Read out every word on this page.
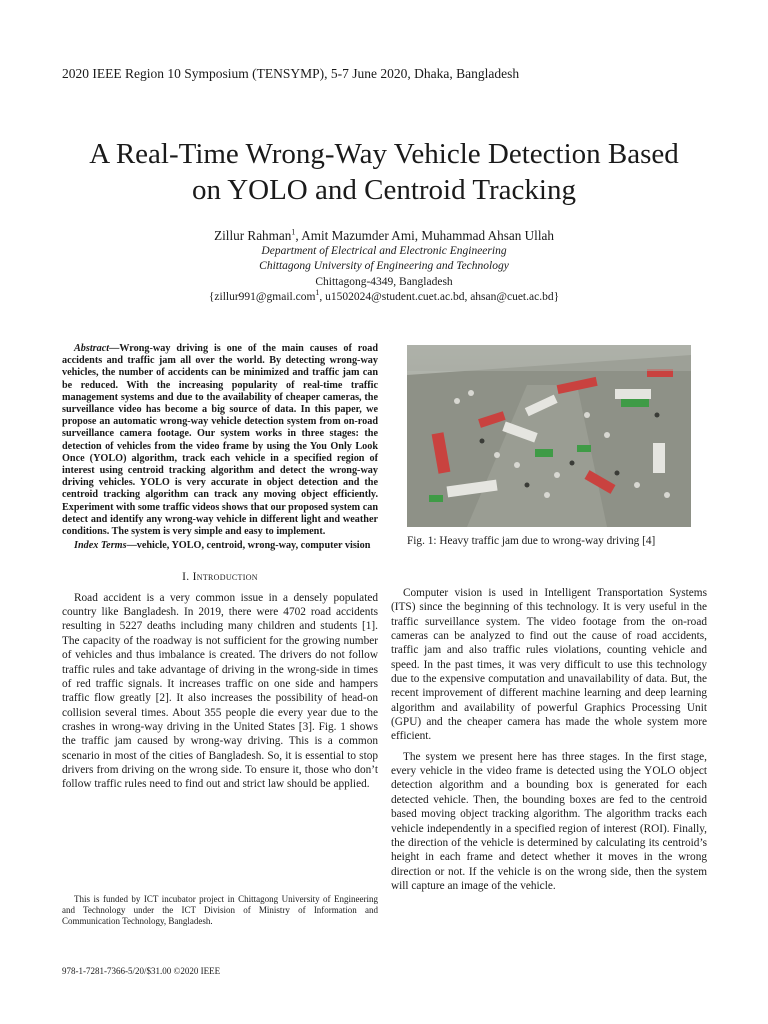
2020 IEEE Region 10 Symposium (TENSYMP), 5-7 June 2020, Dhaka, Bangladesh
A Real-Time Wrong-Way Vehicle Detection Based
on YOLO and Centroid Tracking
Zillur Rahman$^1$, Amit Mazumder Ami, Muhammad Ahsan Ullah
Department of Electrical and Electronic Engineering
Chittagong University of Engineering and Technology
Chittagong-4349, Bangladesh
{zillur991@gmail.com$^1$, u1502024@student.cuet.ac.bd, ahsan@cuet.ac.bd}

Abstract—Wrong-way driving is one of the main causes of road accidents and traffic jam all over the world. By detecting wrong-way vehicles, the number of accidents can be minimized and traffic jam can be reduced. With the increasing popularity of real-time traffic management systems and due to the availability of cheaper cameras, the surveillance video has become a big source of data. In this paper, we propose an automatic wrong-way vehicle detection system from on-road surveillance camera footage. Our system works in three stages: the detection of vehicles from the video frame by using the You Only Look Once (YOLO) algorithm, track each vehicle in a specified region of interest using centroid tracking algorithm and detect the wrong-way driving vehicles. YOLO is very accurate in object detection and the centroid tracking algorithm can track any moving object efficiently. Experiment with some traffic videos shows that our proposed system can detect and identify any wrong-way vehicle in different light and weather conditions. The system is very simple and easy to implement.

Index Terms—vehicle, YOLO, centroid, wrong-way, computer vision

I. Introduction

Road accident is a very common issue in a densely populated country like Bangladesh. In 2019, there were 4702 road accidents resulting in 5227 deaths including many children and students [1]. The capacity of the roadway is not sufficient for the growing number of vehicles and thus imbalance is created. The drivers do not follow traffic rules and take advantage of driving in the wrong-side in times of red traffic signals. It increases traffic on one side and hampers traffic flow greatly [2]. It also increases the possibility of head-on collision several times. About 355 people die every year due to the crashes in wrong-way driving in the United States [3]. Fig. 1 shows the traffic jam caused by wrong-way driving. This is a common scenario in most of the cities of Bangladesh. So, it is essential to stop drivers from driving on the wrong side. To ensure it, those who don’t follow traffic rules need to find out and strict law should be applied.

This is funded by ICT incubator project in Chittagong University of Engineering and Technology under the ICT Division of Ministry of Information and Communication Technology, Bangladesh.
978-1-7281-7366-5/20/$31.00 ©2020 IEEE
Fig. 1: Heavy traffic jam due to wrong-way driving [4]

Computer vision is used in Intelligent Transportation Systems (ITS) since the beginning of this technology. It is very useful in the traffic surveillance system. The video footage from the on-road cameras can be analyzed to find out the cause of road accidents, traffic jam and also traffic rules violations, counting vehicle and speed. In the past times, it was very difficult to use this technology due to the expensive computation and unavailability of data. But, the recent improvement of different machine learning and deep learning algorithm and availability of powerful Graphics Processing Unit (GPU) and the cheaper camera has made the whole system more efficient.

The system we present here has three stages. In the first stage, every vehicle in the video frame is detected using the YOLO object detection algorithm and a bounding box is generated for each detected vehicle. Then, the bounding boxes are fed to the centroid based moving object tracking algorithm. The algorithm tracks each vehicle independently in a specified region of interest (ROI). Finally, the direction of the vehicle is determined by calculating its centroid’s height in each frame and detect whether it moves in the wrong direction or not. If the vehicle is on the wrong side, then the system will capture an image of the vehicle.
